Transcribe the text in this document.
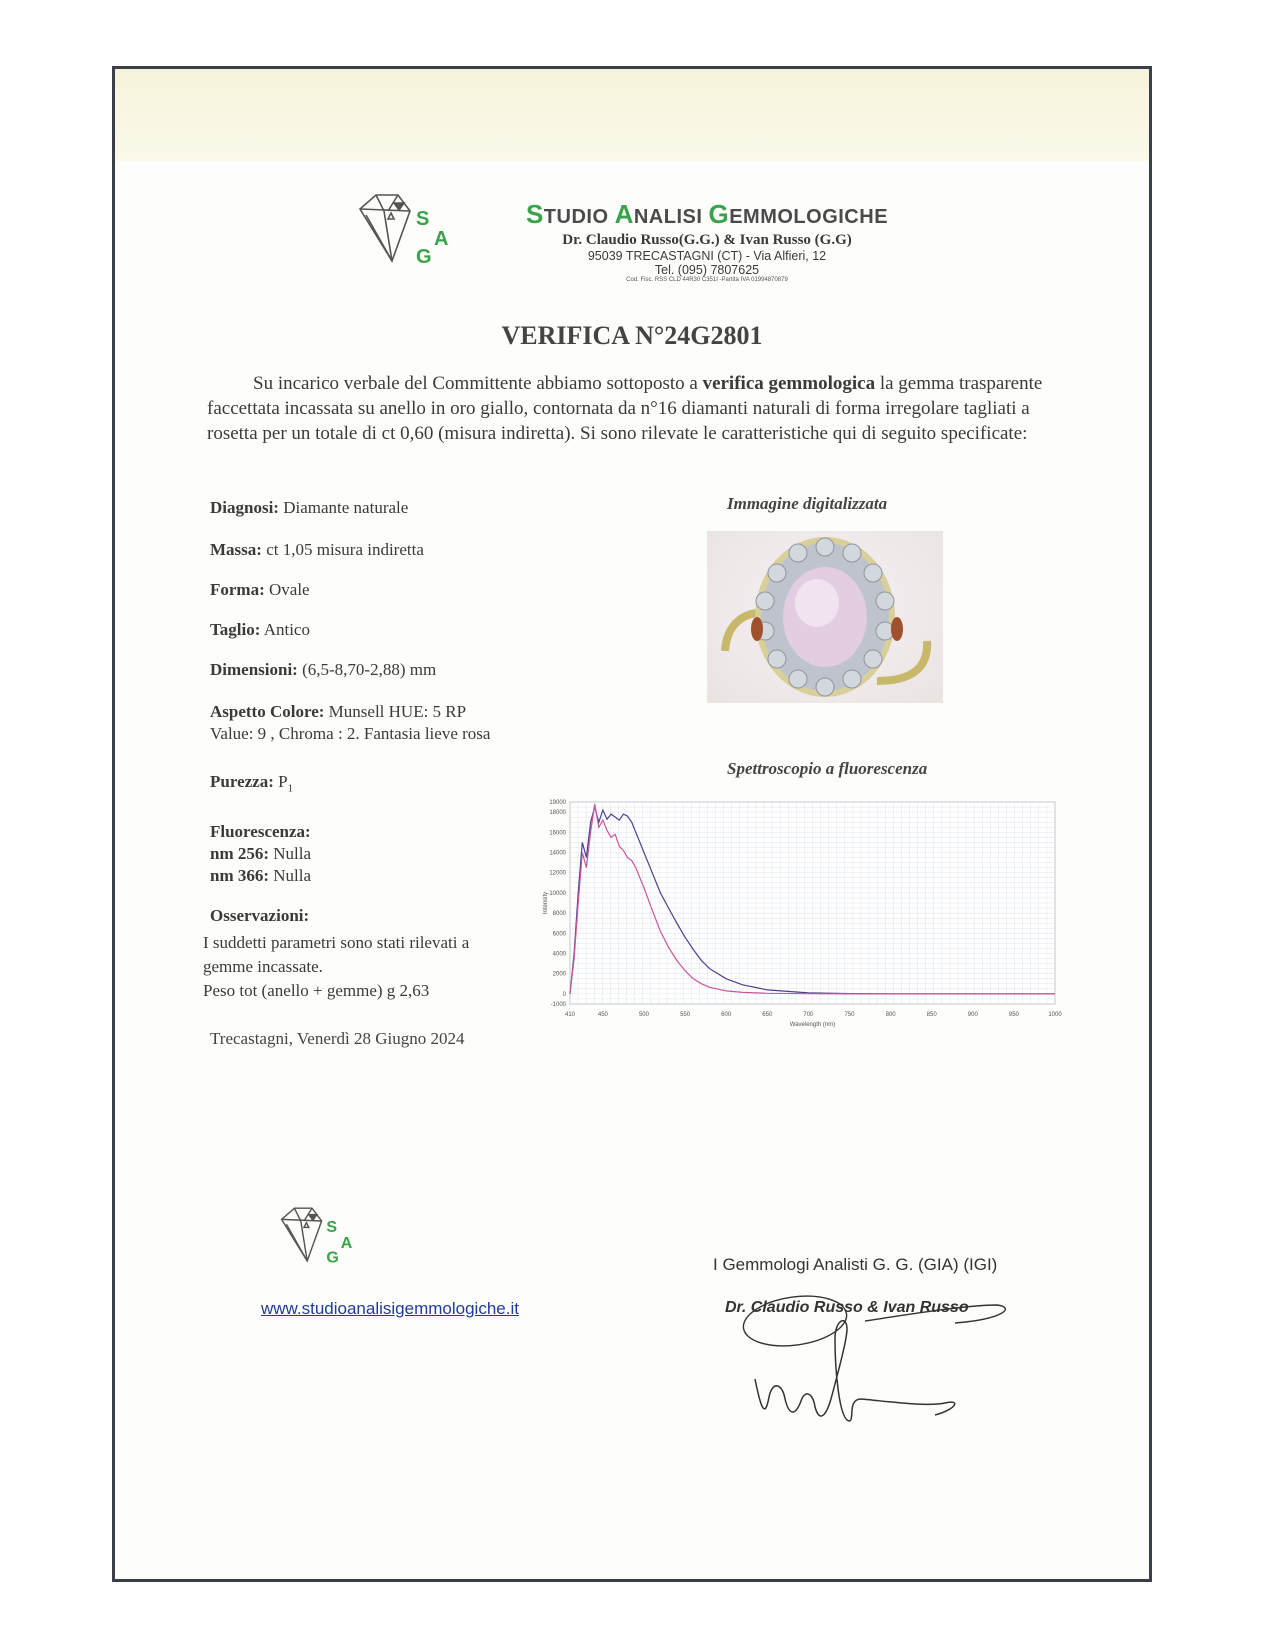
S
A
G
STUDIO ANALISI GEMMOLOGICHE
Dr. Claudio Russo(G.G.) & Ivan Russo (G.G)
95039 TRECASTAGNI (CT) - Via Alfieri, 12
Tel. (095) 7807625
Cod. Fisc. RSS CLD 44R30 C351I -Partita IVA 01994870879
VERIFICA N°24G2801
Su incarico verbale del Committente abbiamo sottoposto a verifica gemmologica la gemma trasparente faccettata incassata su anello in oro giallo, contornata da n°16 diamanti naturali di forma irregolare tagliati a rosetta per un totale di ct 0,60 (misura indiretta). Si sono rilevate le caratteristiche qui di seguito specificate:
Diagnosi: Diamante naturale
Massa: ct 1,05 misura indiretta
Forma: Ovale
Taglio: Antico
Dimensioni: (6,5-8,70-2,88) mm
Aspetto Colore: Munsell HUE: 5 RP
Value: 9 , Chroma : 2. Fantasia lieve rosa
Purezza: $P_1$
Fluorescenza:
nm 256: Nulla
nm 366: Nulla
Osservazioni:
I suddetti parametri sono stati rilevati a
gemme incassate.
Peso tot (anello + gemme) g 2,63
Trecastagni, Venerdì 28 Giugno 2024
Immagine digitalizzata
Spettroscopio a fluorescenza
410	450	500	550	600	650	700	750	800	850	900	950	1000
19000
18000
16000
14000
12000
10000
8000
6000
4000
2000
0
-1000
Wavelength (nm)
Intensity
S
A
G
www.studioanalisigemmologiche.it
I Gemmologi Analisti G. G. (GIA) (IGI)
Dr. Claudio Russo & Ivan Russo
